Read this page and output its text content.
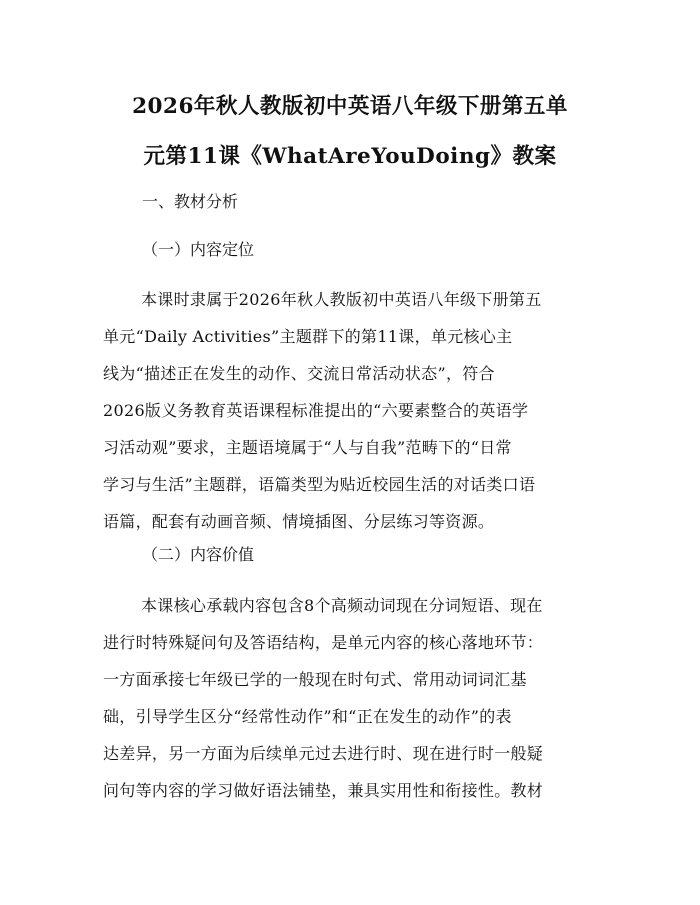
2026年秋人教版初中英语八年级下册第五单
元第11课《WhatAreYouDoing》教案

一、教材分析

（一）内容定位

本课时隶属于2026年秋人教版初中英语八年级下册第五
单元“Daily Activities”主题群下的第11课，单元核心主
线为“描述正在发生的动作、交流日常活动状态”，符合
2026版义务教育英语课程标准提出的“六要素整合的英语学
习活动观”要求，主题语境属于“人与自我”范畴下的“日常
学习与生活”主题群，语篇类型为贴近校园生活的对话类口语
语篇，配套有动画音频、情境插图、分层练习等资源。

（二）内容价值

本课核心承载内容包含8个高频动词现在分词短语、现在
进行时特殊疑问句及答语结构，是单元内容的核心落地环节：
一方面承接七年级已学的一般现在时句式、常用动词词汇基
础，引导学生区分“经常性动作”和“正在发生的动作”的表
达差异，另一方面为后续单元过去进行时、现在进行时一般疑
问句等内容的学习做好语法铺垫，兼具实用性和衔接性。教材
